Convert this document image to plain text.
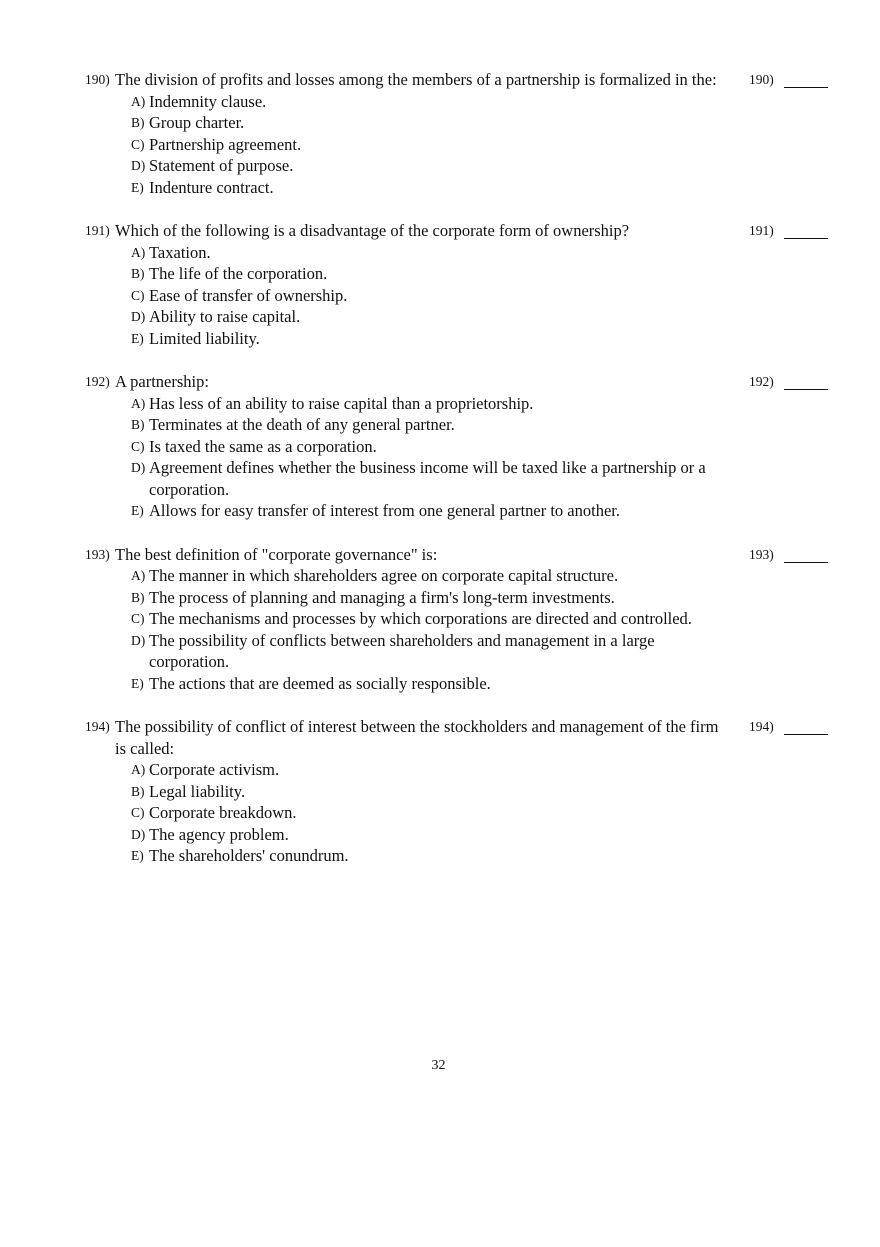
190) The division of profits and losses among the members of a partnership is formalized in the:	190)
A) Indemnity clause.
B) Group charter.
C) Partnership agreement.
D) Statement of purpose.
E) Indenture contract.
191) Which of the following is a disadvantage of the corporate form of ownership?	191)
A) Taxation.
B) The life of the corporation.
C) Ease of transfer of ownership.
D) Ability to raise capital.
E) Limited liability.
192) A partnership:	192)
A) Has less of an ability to raise capital than a proprietorship.
B) Terminates at the death of any general partner.
C) Is taxed the same as a corporation.
D) Agreement defines whether the business income will be taxed like a partnership or a corporation.
E) Allows for easy transfer of interest from one general partner to another.
193) The best definition of "corporate governance" is:	193)
A) The manner in which shareholders agree on corporate capital structure.
B) The process of planning and managing a firm's long-term investments.
C) The mechanisms and processes by which corporations are directed and controlled.
D) The possibility of conflicts between shareholders and management in a large corporation.
E) The actions that are deemed as socially responsible.
194) The possibility of conflict of interest between the stockholders and management of the firm is called:

194)
A) Corporate activism.
B) Legal liability.
C) Corporate breakdown.
D) The agency problem.
E) The shareholders' conundrum.
32
